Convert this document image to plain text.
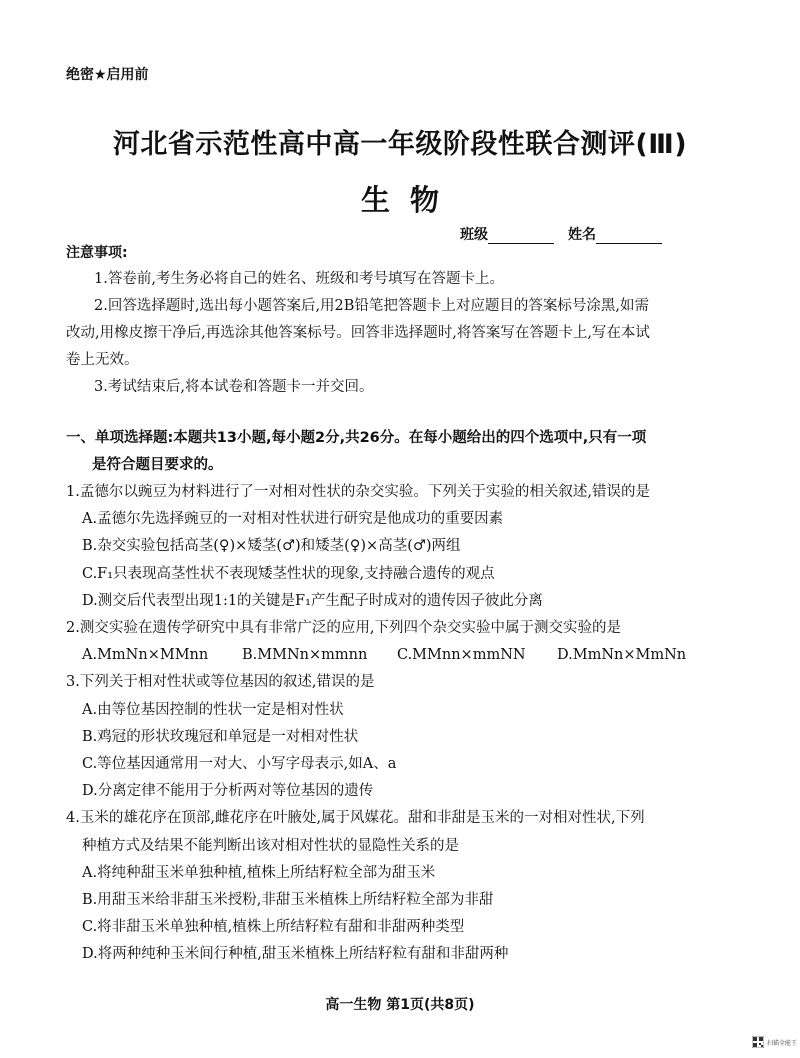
绝密★启用前
河北省示范性高中高一年级阶段性联合测评(Ⅲ)
生物
班级	姓名
注意事项:

1.答卷前,考生务必将自己的姓名、班级和考号填写在答题卡上。

2.回答选择题时,选出每小题答案后,用2B铅笔把答题卡上对应题目的答案标号涂黑,如需

改动,用橡皮擦干净后,再选涂其他答案标号。回答非选择题时,将答案写在答题卡上,写在本试

卷上无效。

3.考试结束后,将本试卷和答题卡一并交回。

一、单项选择题:本题共13小题,每小题2分,共26分。在每小题给出的四个选项中,只有一项
是符合题目要求的。

1.孟德尔以豌豆为材料进行了一对相对性状的杂交实验。下列关于实验的相关叙述,错误的是

A.孟德尔先选择豌豆的一对相对性状进行研究是他成功的重要因素

B.杂交实验包括高茎(♀)×矮茎(♂)和矮茎(♀)×高茎(♂)两组

C.F₁只表现高茎性状不表现矮茎性状的现象,支持融合遗传的观点

D.测交后代表型出现1:1的关键是F₁产生配子时成对的遗传因子彼此分离

2.测交实验在遗传学研究中具有非常广泛的应用,下列四个杂交实验中属于测交实验的是

A.MmNn×MMnn	B.MMNn×mmnn	C.MMnn×mmNN	D.MmNn×MmNn

3.下列关于相对性状或等位基因的叙述,错误的是

A.由等位基因控制的性状一定是相对性状

B.鸡冠的形状玫瑰冠和单冠是一对相对性状

C.等位基因通常用一对大、小写字母表示,如A、a

D.分离定律不能用于分析两对等位基因的遗传

4.玉米的雄花序在顶部,雌花序在叶腋处,属于风媒花。甜和非甜是玉米的一对相对性状,下列

种植方式及结果不能判断出该对相对性状的显隐性关系的是

A.将纯种甜玉米单独种植,植株上所结籽粒全部为甜玉米

B.用甜玉米给非甜玉米授粉,非甜玉米植株上所结籽粒全部为非甜

C.将非甜玉米单独种植,植株上所结籽粒有甜和非甜两种类型

D.将两种纯种玉米间行种植,甜玉米植株上所结籽粒有甜和非甜两种

高一生物 第1页(共8页)
扫描全能王
